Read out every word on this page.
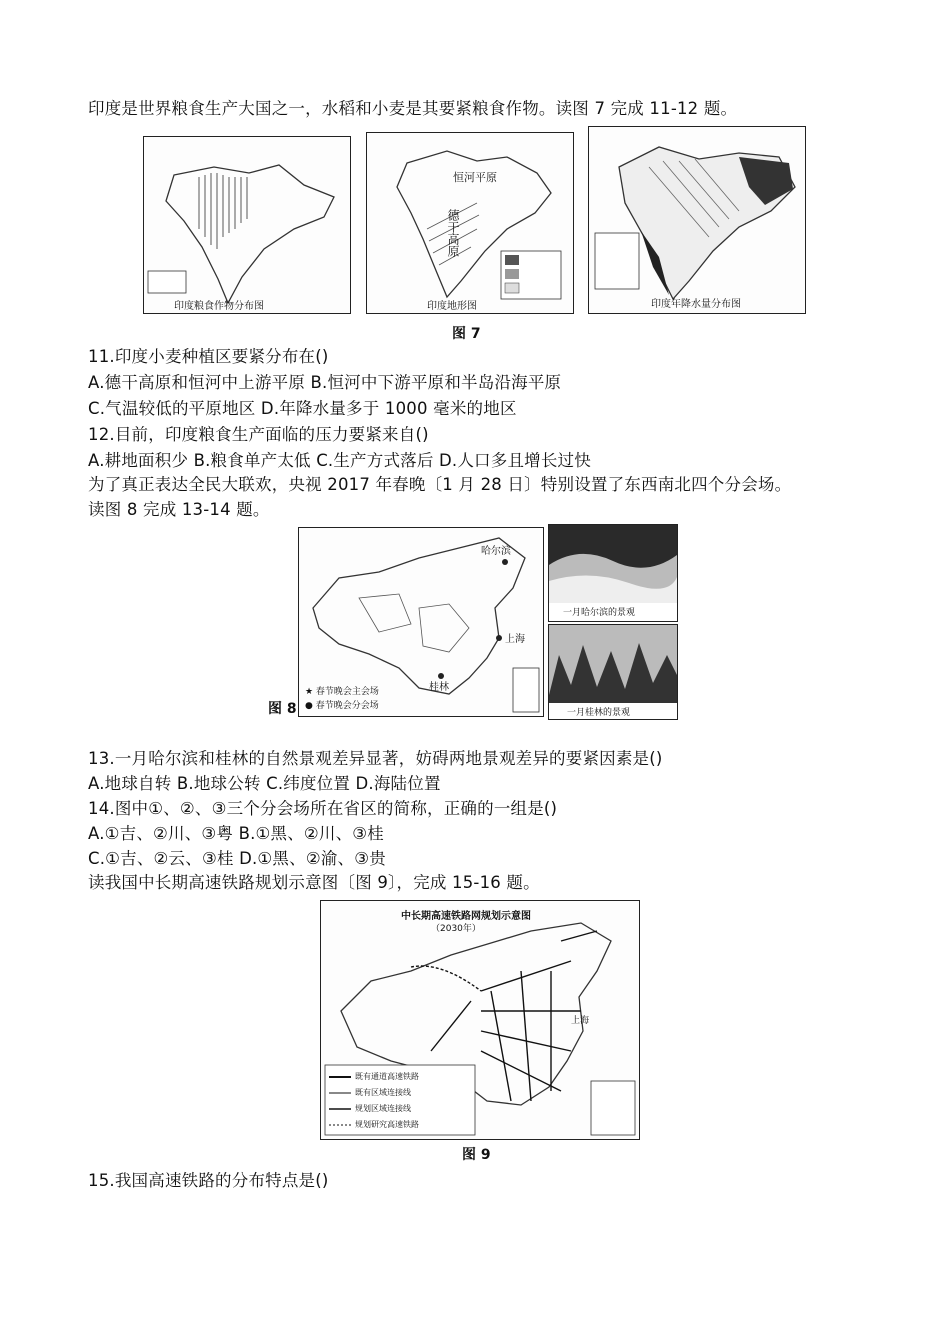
印度是世界粮食生产大国之一，水稻和小麦是其要紧粮食作物。读图 7 完成 11-12 题。
印度粮食作物分布图
恒河平原
德干高原
印度地形图	印度年降水量分布图
图 7
11.印度小麦种植区要紧分布在()
A.德干高原和恒河中上游平原 B.恒河中下游平原和半岛沿海平原
C.气温较低的平原地区 D.年降水量多于 1000 毫米的地区
12.目前，印度粮食生产面临的压力要紧来自()
A.耕地面积少 B.粮食单产太低 C.生产方式落后 D.人口多且增长过快
为了真正表达全民大联欢，央视 2017 年春晚〔1 月 28 日〕特别设置了东西南北四个分会场。
读图 8 完成 13-14 题。
图 8
哈尔滨
上海
桂林
★ 春节晚会主会场
● 春节晚会分会场
一月哈尔滨的景观
一月桂林的景观
13.一月哈尔滨和桂林的自然景观差异显著，妨碍两地景观差异的要紧因素是()
A.地球自转 B.地球公转 C.纬度位置 D.海陆位置
14.图中①、②、③三个分会场所在省区的简称，正确的一组是()
A.①吉、②川、③粤 B.①黑、②川、③桂
C.①吉、②云、③桂 D.①黑、②渝、③贵
读我国中长期高速铁路规划示意图〔图 9〕，完成 15-16 题。
中长期高速铁路网规划示意图
（2030年）
上海
既有通道高速铁路
既有区域连接线
规划区域连接线
规划研究高速铁路
图 9
15.我国高速铁路的分布特点是()
